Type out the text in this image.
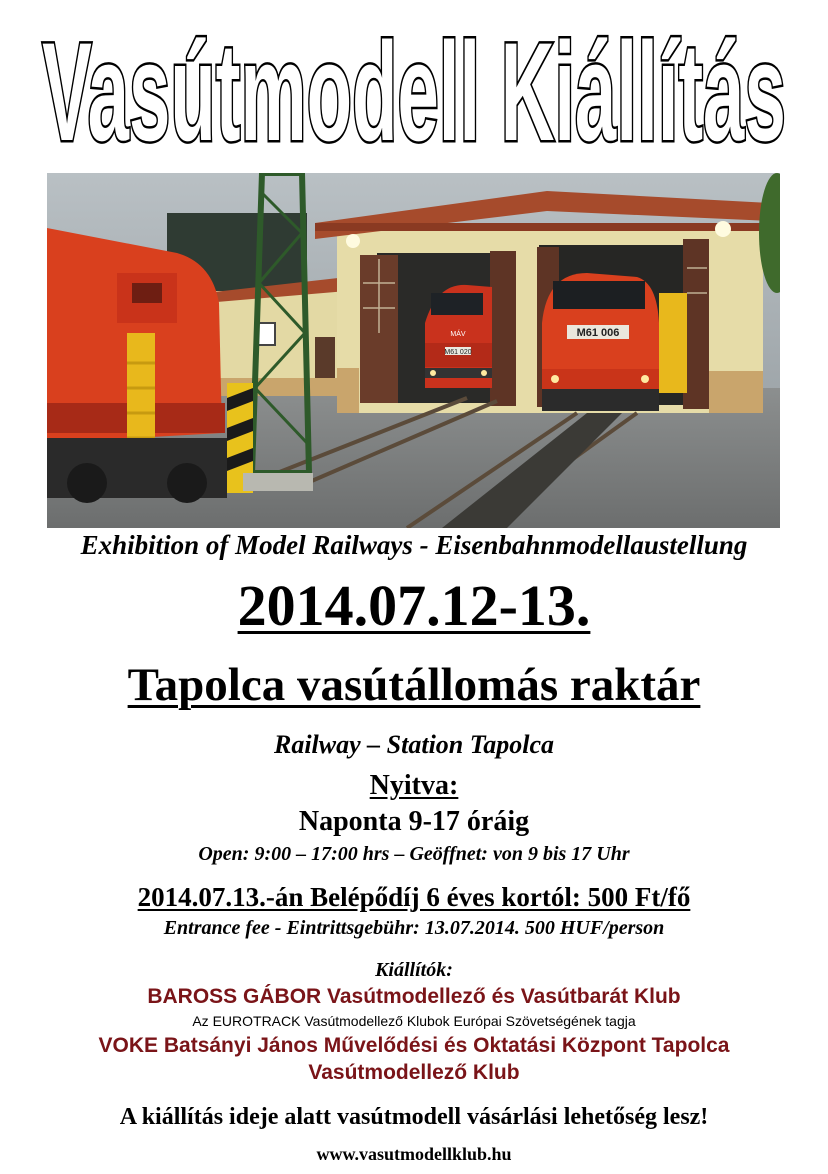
Vasútmodell Kiállítás
MÁV
M61 020
M61 006
Exhibition of Model Railways - Eisenbahnmodellaustellung
2014.07.12-13.
Tapolca vasútállomás raktár
Railway – Station Tapolca
Nyitva:
Naponta 9-17 óráig
Open: 9:00 – 17:00 hrs – Geöffnet: von 9 bis 17 Uhr
2014.07.13.-án Belépődíj 6 éves kortól: 500 Ft/fő
Entrance fee - Eintrittsgebühr: 13.07.2014. 500 HUF/person
Kiállítók:
BAROSS GÁBOR Vasútmodellező és Vasútbarát Klub
Az EUROTRACK Vasútmodellező Klubok Európai Szövetségének tagja
VOKE Batsányi János Művelődési és Oktatási Központ Tapolca
Vasútmodellező Klub
A kiállítás ideje alatt vasútmodell vásárlási lehetőség lesz!
www.vasutmodellklub.hu
